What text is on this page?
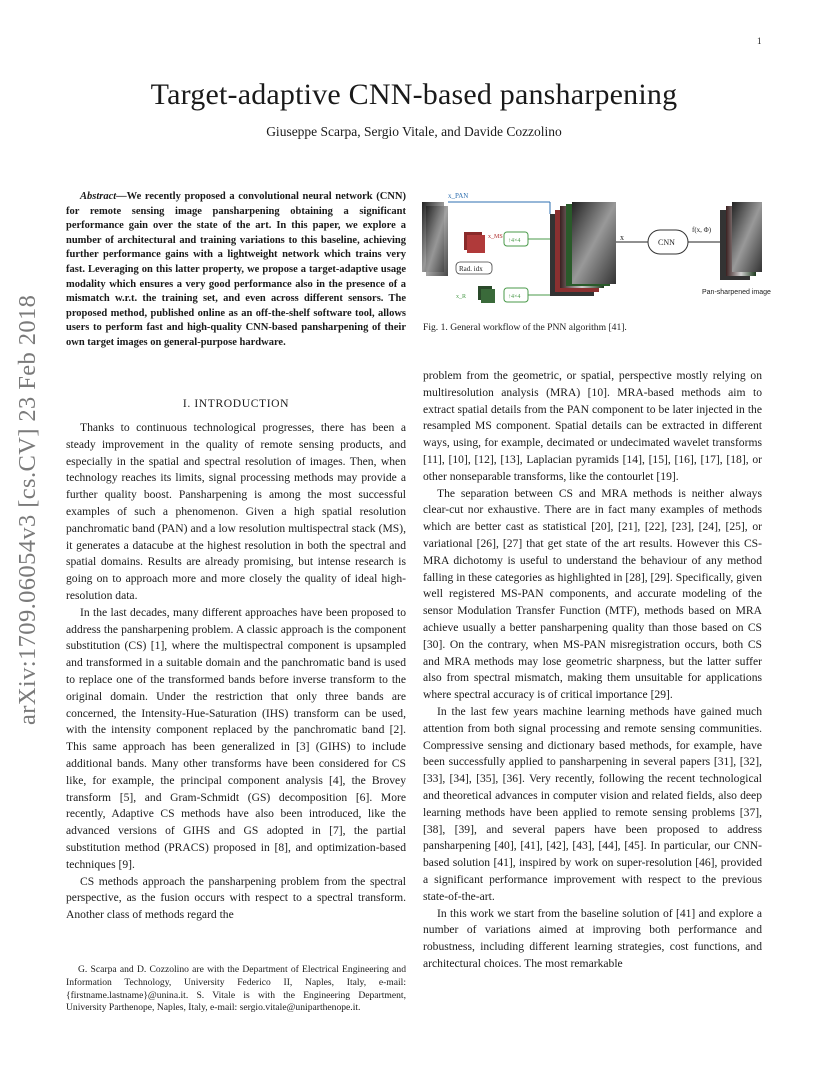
1
Target-adaptive CNN-based pansharpening
Giuseppe Scarpa, Sergio Vitale, and Davide Cozzolino
arXiv:1709.06054v3 [cs.CV] 23 Feb 2018
Abstract—We recently proposed a convolutional neural network (CNN) for remote sensing image pansharpening obtaining a significant performance gain over the state of the art. In this paper, we explore a number of architectural and training variations to this baseline, achieving further performance gains with a lightweight network which trains very fast. Leveraging on this latter property, we propose a target-adaptive usage modality which ensures a very good performance also in the presence of a mismatch w.r.t. the training set, and even across different sensors. The proposed method, published online as an off-the-shelf software tool, allows users to perform fast and high-quality CNN-based pansharpening of their own target images on general-purpose hardware.
I. INTRODUCTION

Thanks to continuous technological progresses, there has been a steady improvement in the quality of remote sensing products, and especially in the spatial and spectral resolution of images. Then, when technology reaches its limits, signal processing methods may provide a further quality boost. Pansharpening is among the most successful examples of such a phenomenon. Given a high spatial resolution panchromatic band (PAN) and a low resolution multispectral stack (MS), it generates a datacube at the highest resolution in both the spectral and spatial domains. Results are already promising, but intense research is going on to approach more and more closely the quality of ideal high-resolution data.

In the last decades, many different approaches have been proposed to address the pansharpening problem. A classic approach is the component substitution (CS) [1], where the multispectral component is upsampled and transformed in a suitable domain and the panchromatic band is used to replace one of the transformed bands before inverse transform to the original domain. Under the restriction that only three bands are concerned, the Intensity-Hue-Saturation (IHS) transform can be used, with the intensity component replaced by the panchromatic band [2]. This same approach has been generalized in [3] (GIHS) to include additional bands. Many other transforms have been considered for CS like, for example, the principal component analysis [4], the Brovey transform [5], and Gram-Schmidt (GS) decomposition [6]. More recently, Adaptive CS methods have also been introduced, like the advanced versions of GIHS and GS adopted in [7], the partial substitution method (PRACS) proposed in [8], and optimization-based techniques [9].

CS methods approach the pansharpening problem from the spectral perspective, as the fusion occurs with respect to a spectral transform. Another class of methods regard the

G. Scarpa and D. Cozzolino are with the Department of Electrical Engineering and Information Technology, University Federico II, Naples, Italy, e-mail: {firstname.lastname}@unina.it. S. Vitale is with the Engineering Department, University Parthenope, Naples, Italy, e-mail: sergio.vitale@uniparthenope.it.
x_PAN
x_MS
↑4×4
Rad. idx
x_R	↑4×4
x
CNN
f(x, Φ)
Pan-sharpened image
Fig. 1. General workflow of the PNN algorithm [41].

problem from the geometric, or spatial, perspective mostly relying on multiresolution analysis (MRA) [10]. MRA-based methods aim to extract spatial details from the PAN component to be later injected in the resampled MS component. Spatial details can be extracted in different ways, using, for example, decimated or undecimated wavelet transforms [11], [10], [12], [13], Laplacian pyramids [14], [15], [16], [17], [18], or other nonseparable transforms, like the contourlet [19].

The separation between CS and MRA methods is neither always clear-cut nor exhaustive. There are in fact many examples of methods which are better cast as statistical [20], [21], [22], [23], [24], [25], or variational [26], [27] that get state of the art results. However this CS-MRA dichotomy is useful to understand the behaviour of any method falling in these categories as highlighted in [28], [29]. Specifically, given well registered MS-PAN components, and accurate modeling of the sensor Modulation Transfer Function (MTF), methods based on MRA achieve usually a better pansharpening quality than those based on CS [30]. On the contrary, when MS-PAN misregistration occurs, both CS and MRA methods may lose geometric sharpness, but the latter suffer also from spectral mismatch, making them unsuitable for applications where spectral accuracy is of critical importance [29].

In the last few years machine learning methods have gained much attention from both signal processing and remote sensing communities. Compressive sensing and dictionary based methods, for example, have been successfully applied to pansharpening in several papers [31], [32], [33], [34], [35], [36]. Very recently, following the recent technological and theoretical advances in computer vision and related fields, also deep learning methods have been applied to remote sensing problems [37], [38], [39], and several papers have been proposed to address pansharpening [40], [41], [42], [43], [44], [45]. In particular, our CNN-based solution [41], inspired by work on super-resolution [46], provided a significant performance improvement with respect to the previous state-of-the-art.

In this work we start from the baseline solution of [41] and explore a number of variations aimed at improving both performance and robustness, including different learning strategies, cost functions, and architectural choices. The most remarkable
